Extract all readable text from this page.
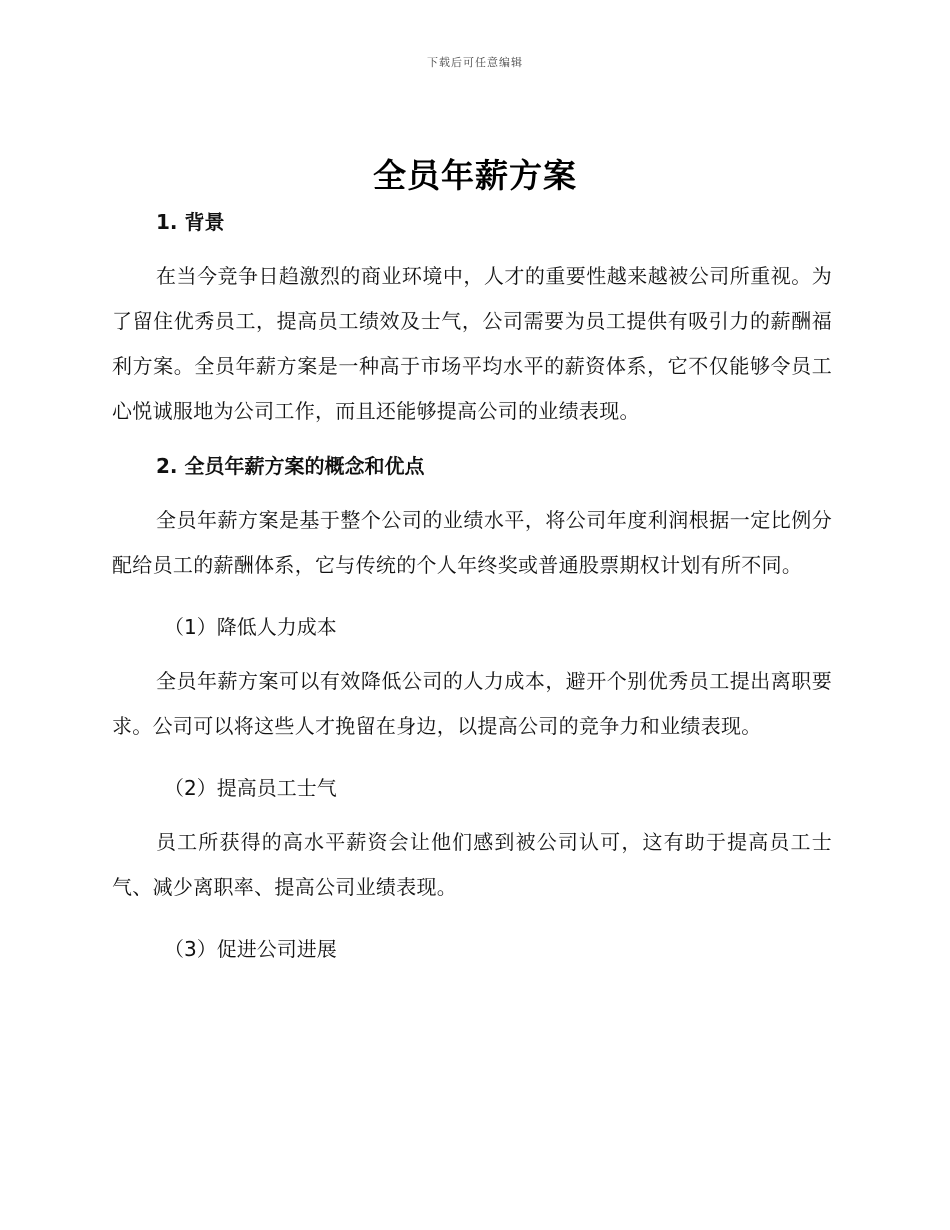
下载后可任意编辑
全员年薪方案
1. 背景

在当今竞争日趋激烈的商业环境中，人才的重要性越来越被公司所重视。为了留住优秀员工，提高员工绩效及士气，公司需要为员工提供有吸引力的薪酬福利方案。全员年薪方案是一种高于市场平均水平的薪资体系，它不仅能够令员工心悦诚服地为公司工作，而且还能够提高公司的业绩表现。

2. 全员年薪方案的概念和优点

全员年薪方案是基于整个公司的业绩水平，将公司年度利润根据一定比例分配给员工的薪酬体系，它与传统的个人年终奖或普通股票期权计划有所不同。

（1）降低人力成本

全员年薪方案可以有效降低公司的人力成本，避开个别优秀员工提出离职要求。公司可以将这些人才挽留在身边，以提高公司的竞争力和业绩表现。

（2）提高员工士气

员工所获得的高水平薪资会让他们感到被公司认可，这有助于提高员工士气、减少离职率、提高公司业绩表现。

（3）促进公司进展
